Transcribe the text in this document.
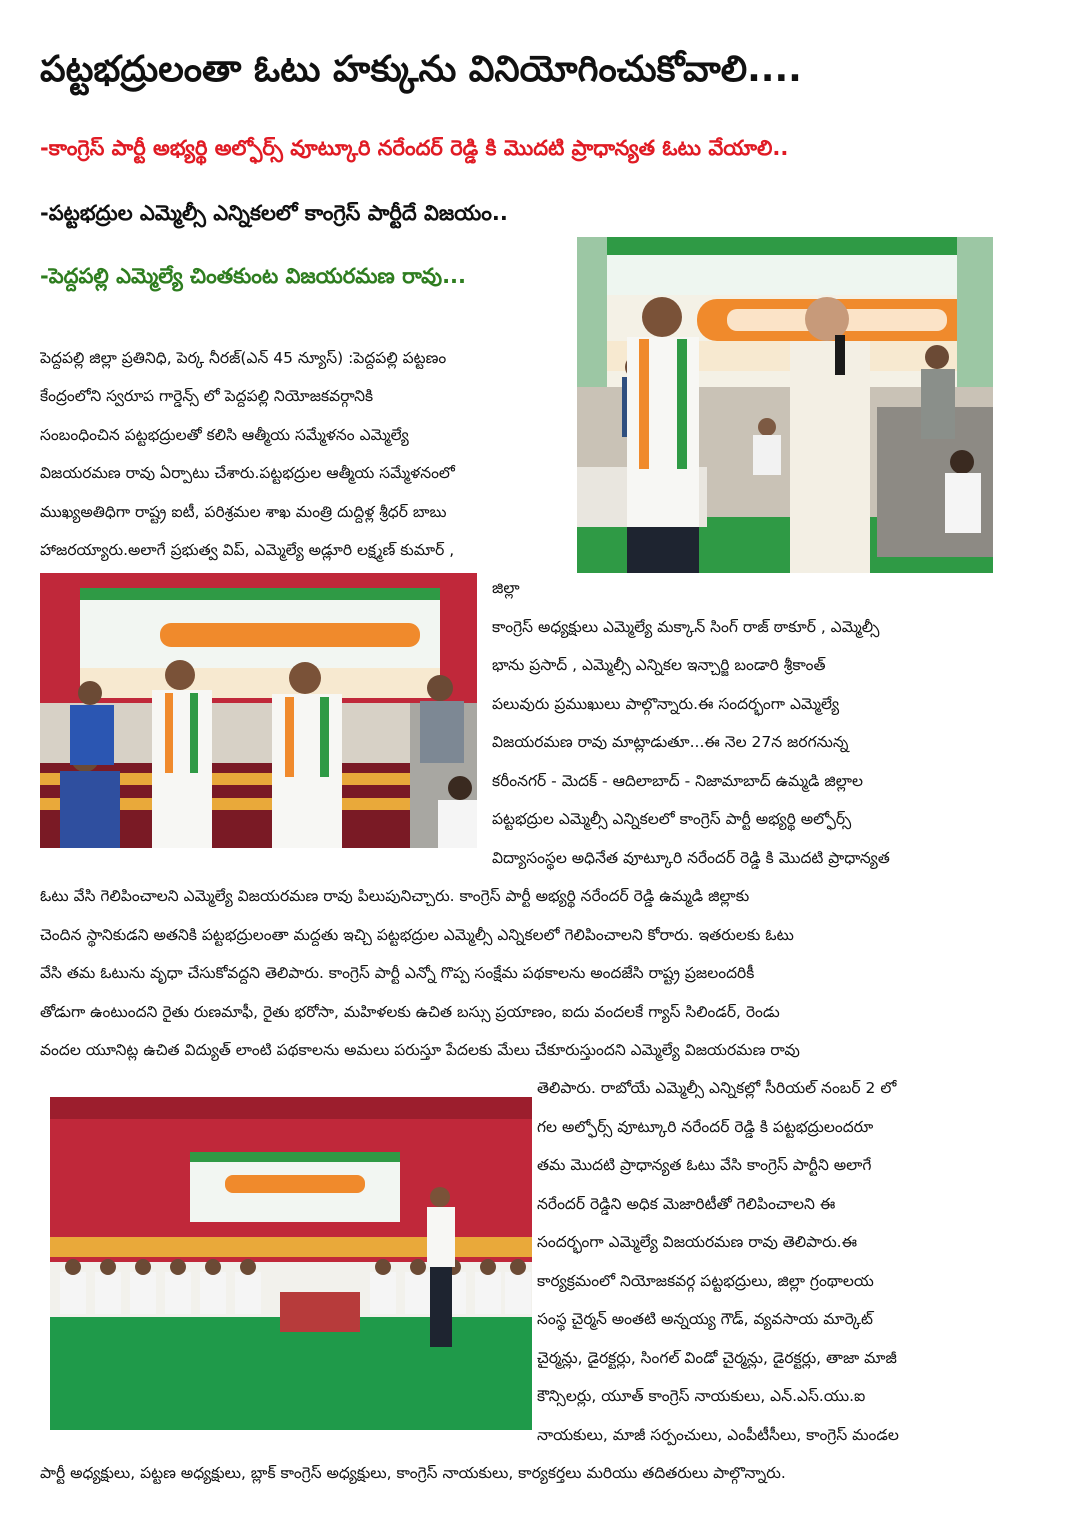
పట్టభద్రులంతా ఓటు హక్కును వినియోగించుకోవాలి....
-కాంగ్రెస్ పార్టీ అభ్యర్థి అల్ఫోర్స్ వూట్కూరి నరేందర్ రెడ్డి కి మొదటి ప్రాధాన్యత ఓటు వేయాలి..
-పట్టభద్రుల ఎమ్మెల్సీ ఎన్నికలలో కాంగ్రెస్ పార్టీదే విజయం..
-పెద్దపల్లి ఎమ్మెల్యే చింతకుంట విజయరమణ రావు...
పెద్దపల్లి జిల్లా ప్రతినిధి, పెర్క నీరజ్(ఎన్ 45 న్యూస్) :పెద్దపల్లి పట్టణం
కేంద్రంలోని స్వరూప గార్డెన్స్ లో పెద్దపల్లి నియోజకవర్గానికి
సంబంధించిన పట్టభద్రులతో కలిసి ఆత్మీయ సమ్మేళనం ఎమ్మెల్యే
విజయరమణ రావు ఏర్పాటు చేశారు.పట్టభద్రుల ఆత్మీయ సమ్మేళనంలో
ముఖ్యఅతిధిగా రాష్ట్ర ఐటీ, పరిశ్రమల శాఖ మంత్రి దుద్దిళ్ల శ్రీధర్ బాబు
హాజరయ్యారు.అలాగే ప్రభుత్వ విప్, ఎమ్మెల్యే అడ్లూరి లక్ష్మణ్ కుమార్ ,
జిల్లా
కాంగ్రెస్ అధ్యక్షులు ఎమ్మెల్యే మక్కాన్ సింగ్ రాజ్ ఠాకూర్ , ఎమ్మెల్సీ
భాను ప్రసాద్ , ఎమ్మెల్సీ ఎన్నికల ఇన్చార్జి బండారి శ్రీకాంత్
పలువురు ప్రముఖులు పాల్గొన్నారు.ఈ సందర్భంగా ఎమ్మెల్యే
విజయరమణ రావు మాట్లాడుతూ...ఈ నెల 27న జరగనున్న
కరీంనగర్ - మెదక్ - ఆదిలాబాద్ - నిజామాబాద్ ఉమ్మడి జిల్లాల
పట్టభద్రుల ఎమ్మెల్సీ ఎన్నికలలో కాంగ్రెస్ పార్టీ అభ్యర్థి అల్ఫోర్స్
విద్యాసంస్థల అధినేత వూట్కూరి నరేందర్ రెడ్డి కి మొదటి ప్రాధాన్యత
ఓటు వేసి గెలిపించాలని ఎమ్మెల్యే విజయరమణ రావు పిలుపునిచ్చారు. కాంగ్రెస్ పార్టీ అభ్యర్థి నరేందర్ రెడ్డి ఉమ్మడి జిల్లాకు
చెందిన స్థానికుడని అతనికి పట్టభద్రులంతా మద్దతు ఇచ్చి పట్టభద్రుల ఎమ్మెల్సీ ఎన్నికలలో గెలిపించాలని కోరారు. ఇతరులకు ఓటు
వేసి తమ ఓటును వృధా చేసుకోవద్దని తెలిపారు. కాంగ్రెస్ పార్టీ ఎన్నో గొప్ప సంక్షేమ పథకాలను అందజేసి రాష్ట్ర ప్రజలందరికీ
తోడుగా ఉంటుందని రైతు రుణమాఫీ, రైతు భరోసా, మహిళలకు ఉచిత బస్సు ప్రయాణం, ఐదు వందలకే గ్యాస్ సిలిండర్, రెండు
వందల యూనిట్ల ఉచిత విద్యుత్ లాంటి పథకాలను అమలు పరుస్తూ పేదలకు మేలు చేకూరుస్తుందని ఎమ్మెల్యే విజయరమణ రావు
తెలిపారు. రాబోయే ఎమ్మెల్సీ ఎన్నికల్లో సీరియల్ నంబర్ 2 లో
గల అల్ఫోర్స్ వూట్కూరి నరేందర్ రెడ్డి కి పట్టభద్రులందరూ
తమ మొదటి ప్రాధాన్యత ఓటు వేసి కాంగ్రెస్ పార్టీని అలాగే
నరేందర్ రెడ్డిని అధిక మెజారిటీతో గెలిపించాలని ఈ
సందర్భంగా ఎమ్మెల్యే విజయరమణ రావు తెలిపారు.ఈ
కార్యక్రమంలో నియోజకవర్గ పట్టభద్రులు, జిల్లా గ్రంథాలయ
సంస్థ చైర్మన్ అంతటి అన్నయ్య గౌడ్, వ్యవసాయ మార్కెట్
చైర్మన్లు, డైరక్టర్లు, సింగల్ విండో చైర్మన్లు, డైరక్టర్లు, తాజా మాజీ
కౌన్సిలర్లు, యూత్ కాంగ్రెస్ నాయకులు, ఎన్.ఎస్.యు.ఐ
నాయకులు, మాజీ సర్పంచులు, ఎంపీటీసీలు, కాంగ్రెస్ మండల
పార్టీ అధ్యక్షులు, పట్టణ అధ్యక్షులు, బ్లాక్ కాంగ్రెస్ అధ్యక్షులు, కాంగ్రెస్ నాయకులు, కార్యకర్తలు మరియు తదితరులు పాల్గొన్నారు.
